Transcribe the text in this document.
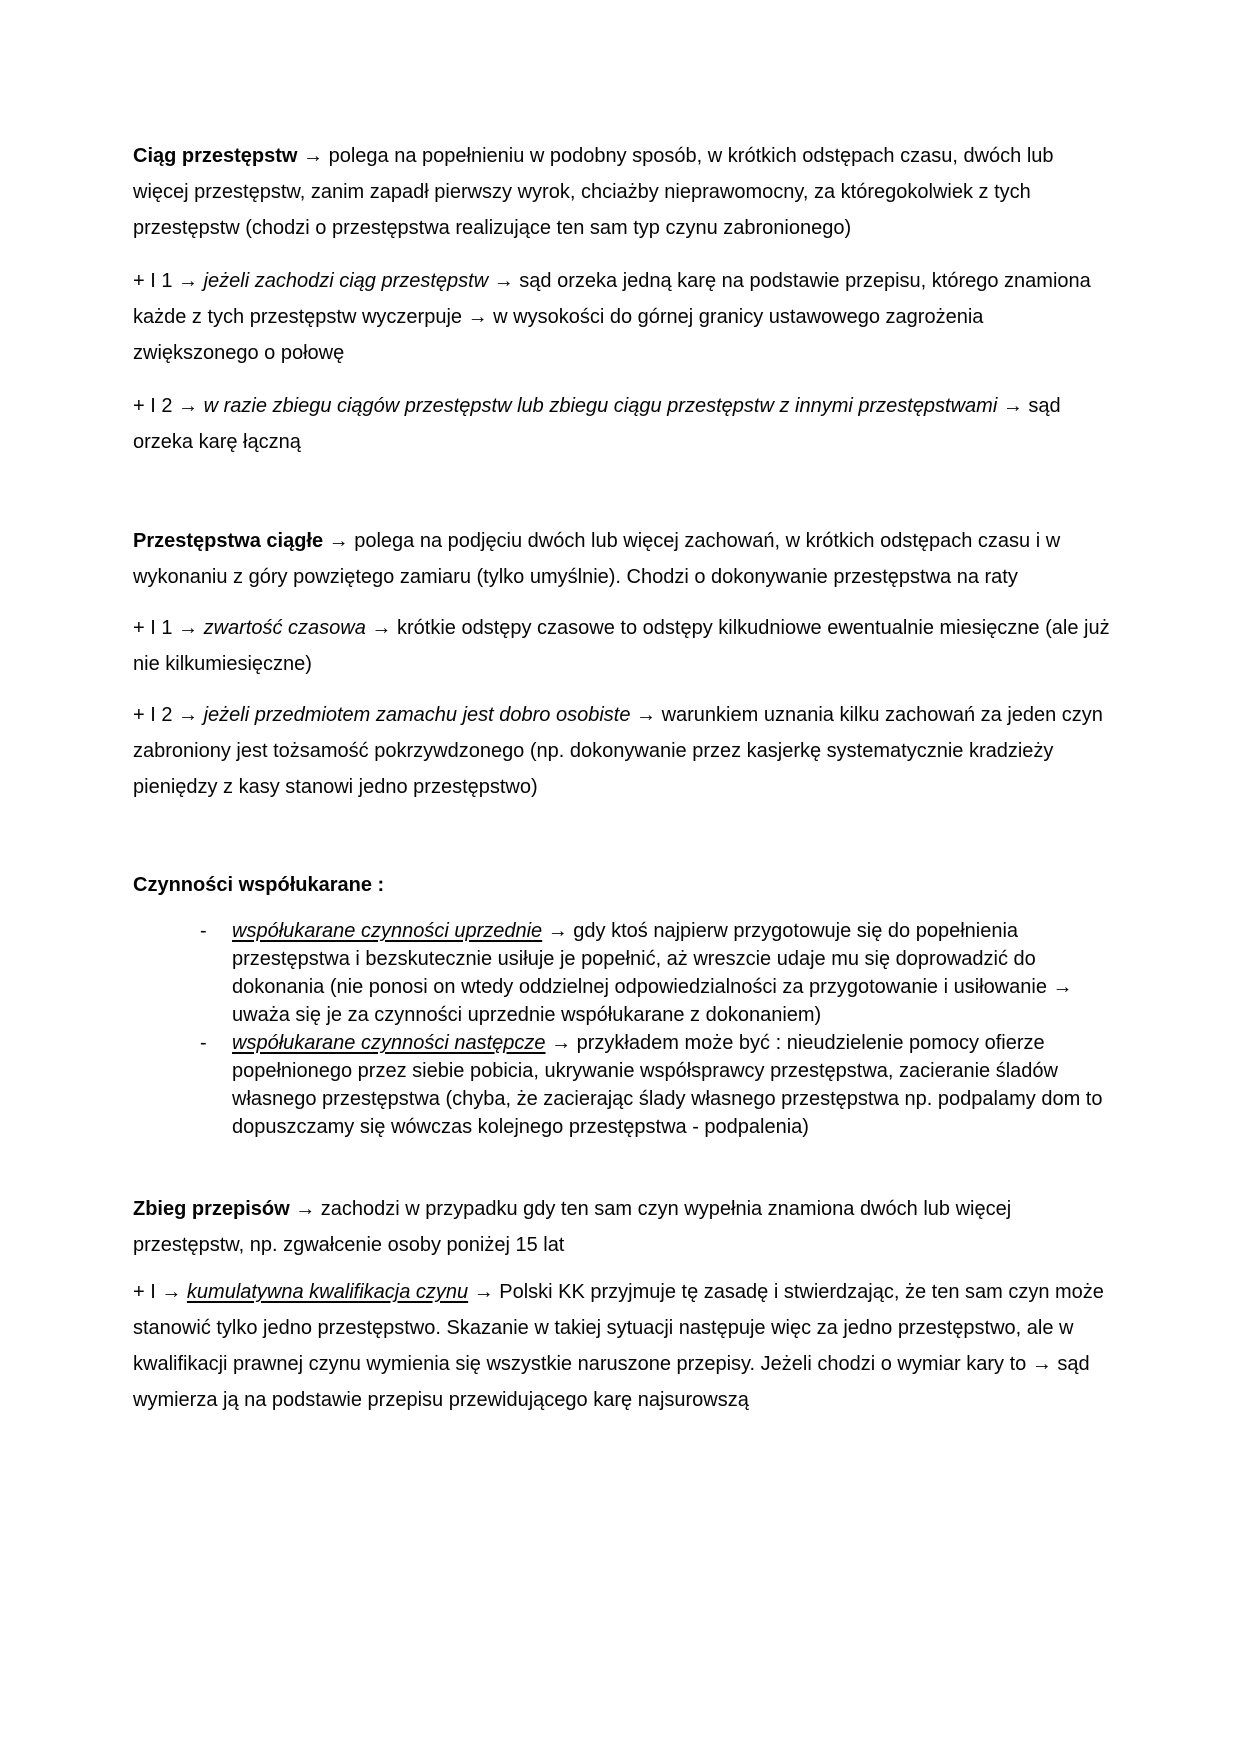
Ciąg przestępstw → polega na popełnieniu w podobny sposób, w krótkich odstępach czasu, dwóch lub więcej przestępstw, zanim zapadł pierwszy wyrok, chciażby nieprawomocny, za któregokolwiek z tych przestępstw (chodzi o przestępstwa realizujące ten sam typ czynu zabronionego)

+ I 1 → jeżeli zachodzi ciąg przestępstw → sąd orzeka jedną karę na podstawie przepisu, którego znamiona każde z tych przestępstw wyczerpuje → w wysokości do górnej granicy ustawowego zagrożenia zwiększonego o połowę

+ I 2 → w razie zbiegu ciągów przestępstw lub zbiegu ciągu przestępstw z innymi przestępstwami → sąd orzeka karę łączną

Przestępstwa ciągłe → polega na podjęciu dwóch lub więcej zachowań, w krótkich odstępach czasu i w wykonaniu z góry powziętego zamiaru (tylko umyślnie). Chodzi o dokonywanie przestępstwa na raty

+ I 1 → zwartość czasowa → krótkie odstępy czasowe to odstępy kilkudniowe ewentualnie miesięczne (ale już nie kilkumiesięczne)

+ I 2 → jeżeli przedmiotem zamachu jest dobro osobiste → warunkiem uznania kilku zachowań za jeden czyn zabroniony jest tożsamość pokrzywdzonego (np. dokonywanie przez kasjerkę systematycznie kradzieży pieniędzy z kasy stanowi jedno przestępstwo)

Czynności współukarane :

- współukarane czynności uprzednie → gdy ktoś najpierw przygotowuje się do popełnienia przestępstwa i bezskutecznie usiłuje je popełnić, aż wreszcie udaje mu się doprowadzić do dokonania (nie ponosi on wtedy oddzielnej odpowiedzialności za przygotowanie i usiłowanie → uważa się je za czynności uprzednie współukarane z dokonaniem)
- współukarane czynności następcze → przykładem może być : nieudzielenie pomocy ofierze popełnionego przez siebie pobicia, ukrywanie współsprawcy przestępstwa, zacieranie śladów własnego przestępstwa (chyba, że zacierając ślady własnego przestępstwa np. podpalamy dom to dopuszczamy się wówczas kolejnego przestępstwa - podpalenia)

Zbieg przepisów → zachodzi w przypadku gdy ten sam czyn wypełnia znamiona dwóch lub więcej przestępstw, np. zgwałcenie osoby poniżej 15 lat

+ I → kumulatywna kwalifikacja czynu → Polski KK przyjmuje tę zasadę i stwierdzając, że ten sam czyn może stanowić tylko jedno przestępstwo. Skazanie w takiej sytuacji następuje więc za jedno przestępstwo, ale w kwalifikacji prawnej czynu wymienia się wszystkie naruszone przepisy. Jeżeli chodzi o wymiar kary to → sąd wymierza ją na podstawie przepisu przewidującego karę najsurowszą
